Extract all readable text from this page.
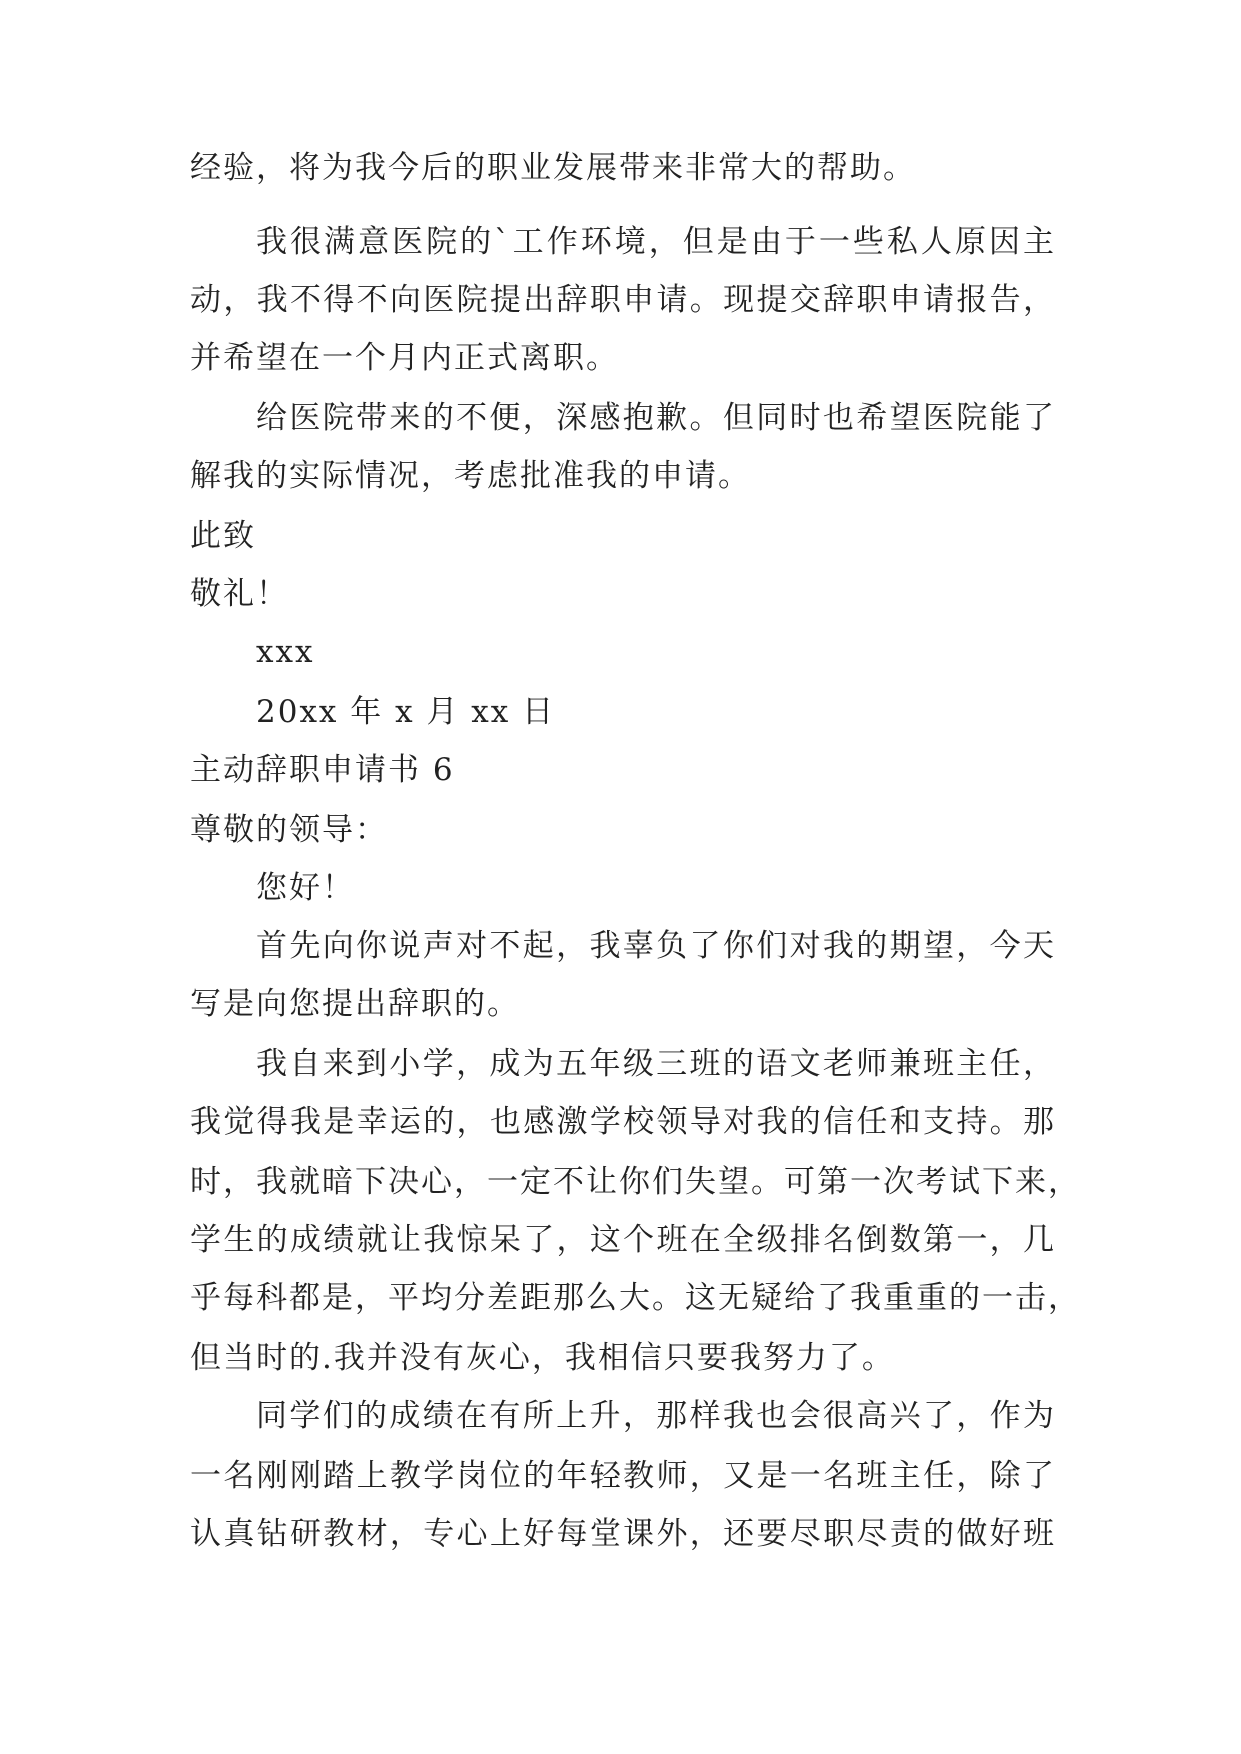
经验，将为我今后的职业发展带来非常大的帮助。
我很满意医院的`工作环境，但是由于一些私人原因主
动，我不得不向医院提出辞职申请。现提交辞职申请报告，
并希望在一个月内正式离职。
给医院带来的不便，深感抱歉。但同时也希望医院能了
解我的实际情况，考虑批准我的申请。
此致
敬礼！
xxx
20xx 年 x 月 xx 日
主动辞职申请书 6
尊敬的领导：
您好！
首先向你说声对不起，我辜负了你们对我的期望，今天
写是向您提出辞职的。
我自来到小学，成为五年级三班的语文老师兼班主任，
我觉得我是幸运的，也感激学校领导对我的信任和支持。那
时，我就暗下决心，一定不让你们失望。可第一次考试下来，
学生的成绩就让我惊呆了，这个班在全级排名倒数第一，几
乎每科都是，平均分差距那么大。这无疑给了我重重的一击，
但当时的.我并没有灰心，我相信只要我努力了。
同学们的成绩在有所上升，那样我也会很高兴了，作为
一名刚刚踏上教学岗位的年轻教师，又是一名班主任，除了
认真钻研教材，专心上好每堂课外，还要尽职尽责的做好班
